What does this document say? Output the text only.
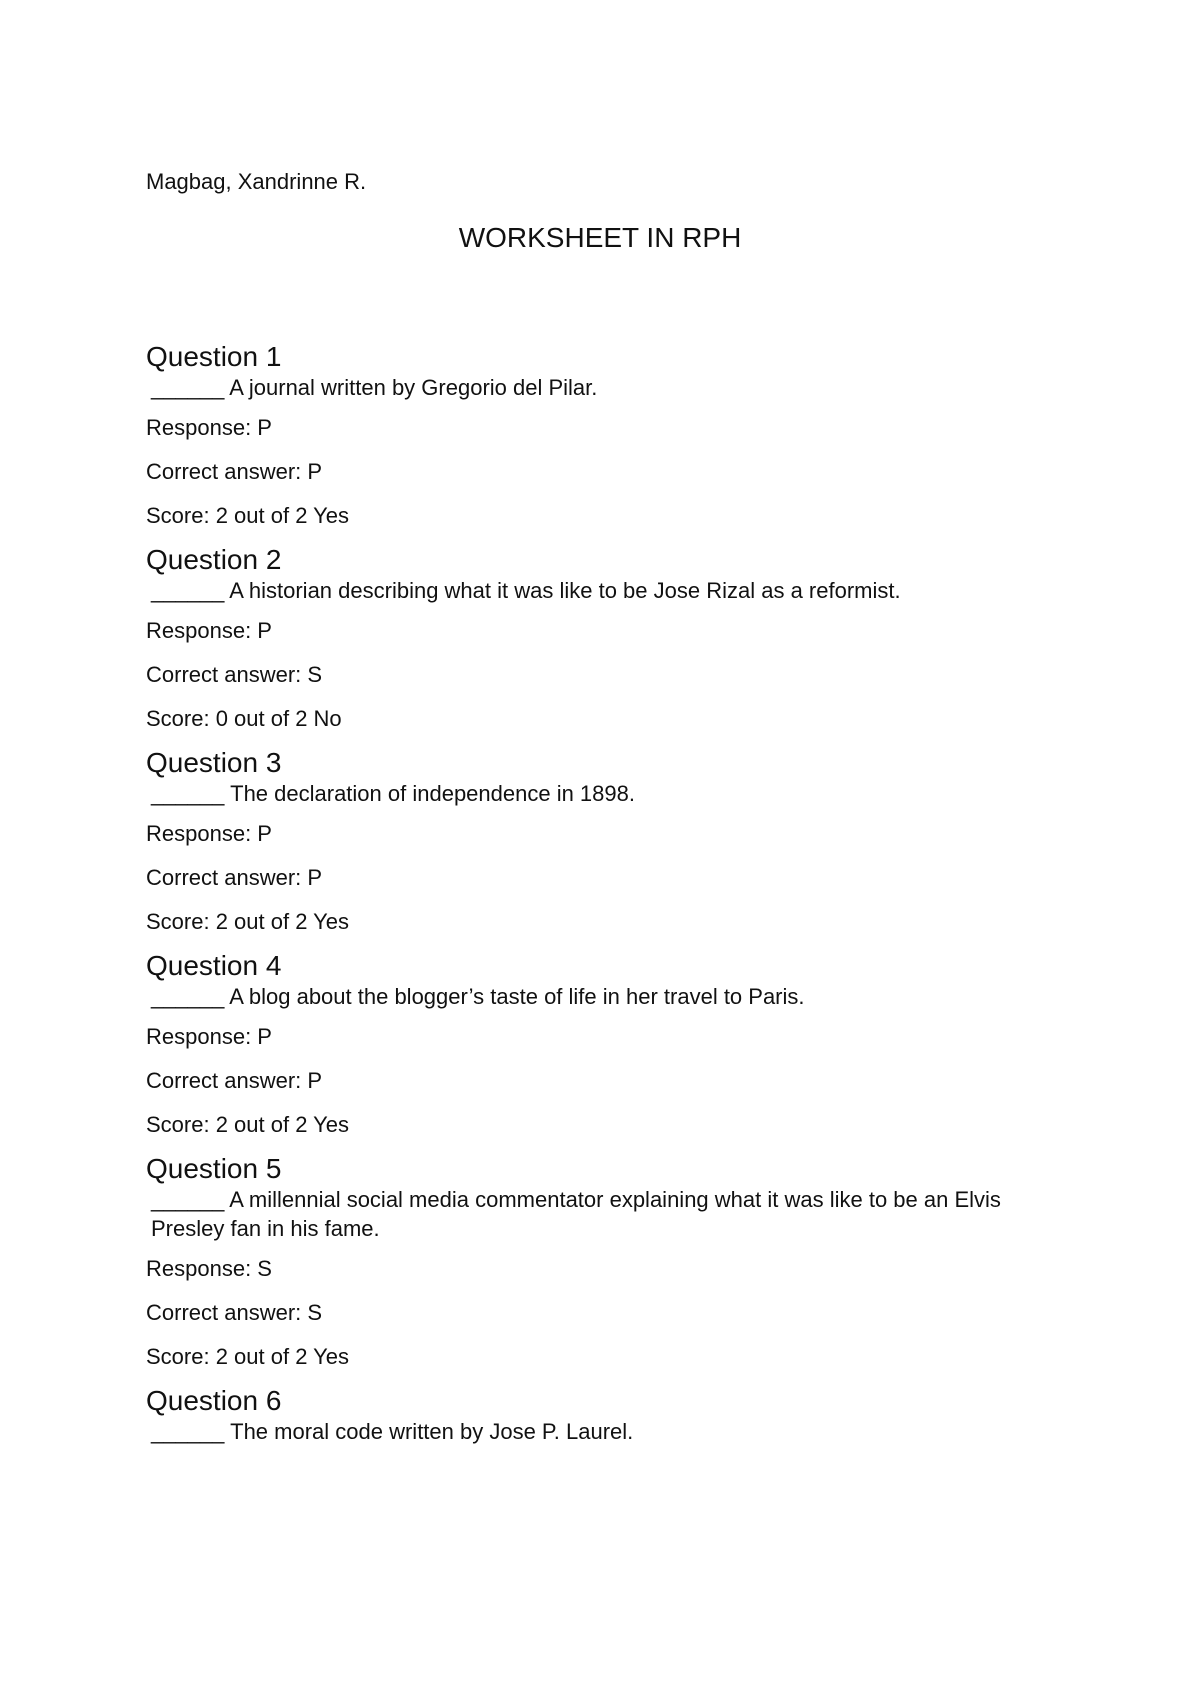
Magbag, Xandrinne R.

WORKSHEET IN RPH
Question 1

______ A journal written by Gregorio del Pilar.

Response: P

Correct answer: P

Score: 2 out of 2 Yes

Question 2

______ A historian describing what it was like to be Jose Rizal as a reformist.

Response: P

Correct answer: S

Score: 0 out of 2 No

Question 3

______ The declaration of independence in 1898.

Response: P

Correct answer: P

Score: 2 out of 2 Yes

Question 4

______ A blog about the blogger’s taste of life in her travel to Paris.

Response: P

Correct answer: P

Score: 2 out of 2 Yes

Question 5

______ A millennial social media commentator explaining what it was like to be an Elvis Presley fan in his fame.

Response: S

Correct answer: S

Score: 2 out of 2 Yes

Question 6

______ The moral code written by Jose P. Laurel.
